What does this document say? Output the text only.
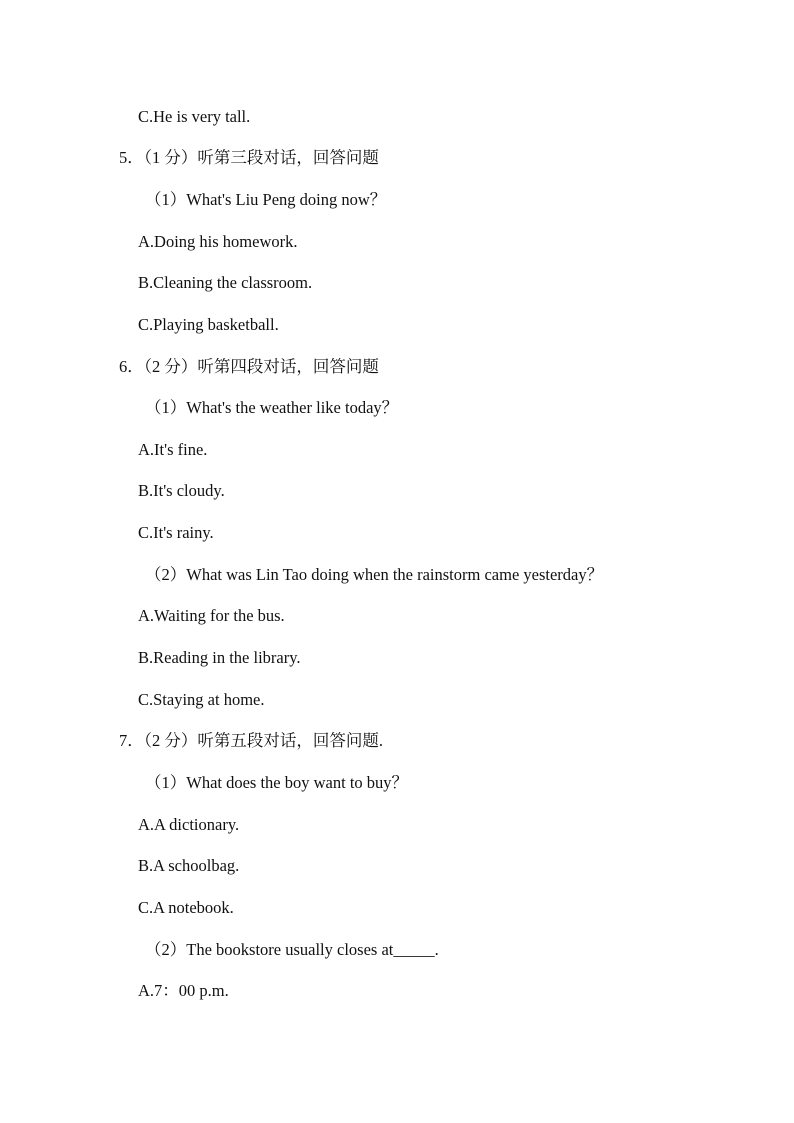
C.He is very tall.
5．（1 分）听第三段对话，回答问题
（1）What's Liu Peng doing now？
A.Doing his homework.
B.Cleaning the classroom.
C.Playing basketball.
6．（2 分）听第四段对话，回答问题
（1）What's the weather like today？
A.It's fine.
B.It's cloudy.
C.It's rainy.
（2）What was Lin Tao doing when the rainstorm came yesterday？
A.Waiting for the bus.
B.Reading in the library.
C.Staying at home.
7．（2 分）听第五段对话，回答问题.
（1）What does the boy want to buy？
A.A dictionary.
B.A schoolbag.
C.A notebook.
（2）The bookstore usually closes at_____.
A.7：00 p.m.
